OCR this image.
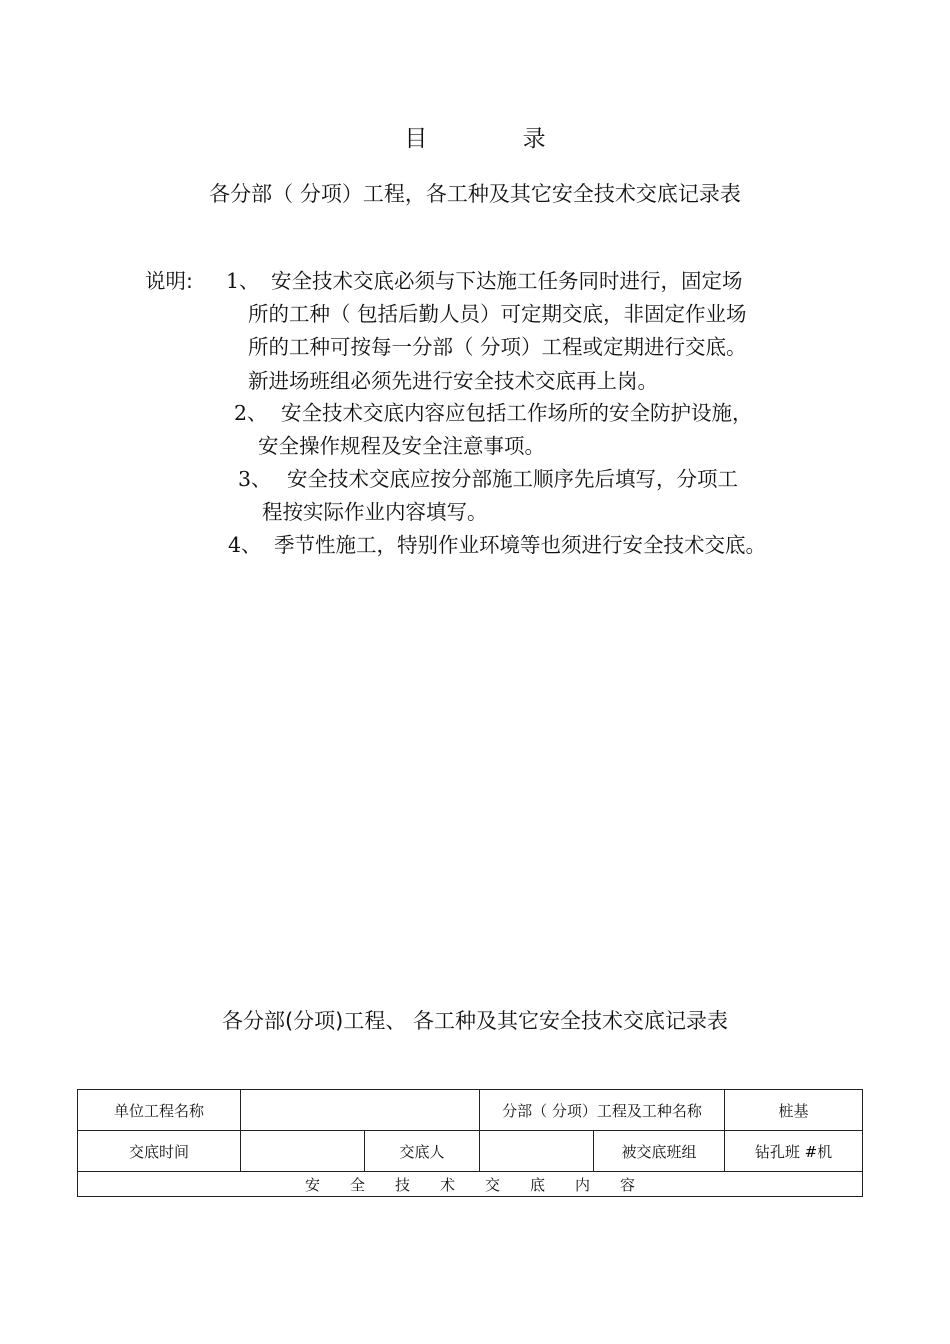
目 录
各分部（ 分项）工程，各工种及其它安全技术交底记录表
说明: 1、 安全技术交底必须与下达施工任务同时进行，固定场
所的工种（ 包括后勤人员）可定期交底，非固定作业场
所的工种可按每一分部（ 分项）工程或定期进行交底。
新进场班组必须先进行安全技术交底再上岗。
2、 安全技术交底内容应包括工作场所的安全防护设施，
安全操作规程及安全注意事项。
3、 安全技术交底应按分部施工顺序先后填写，分项工
程按实际作业内容填写。
4、 季节性施工，特别作业环境等也须进行安全技术交底。
各分部(分项)工程、 各工种及其它安全技术交底记录表
单位工程名称			分部（ 分项）工程及工种名称		桩基
交底时间		交底人		被交底班组	钻孔班 #机
安全技术交底内容					
